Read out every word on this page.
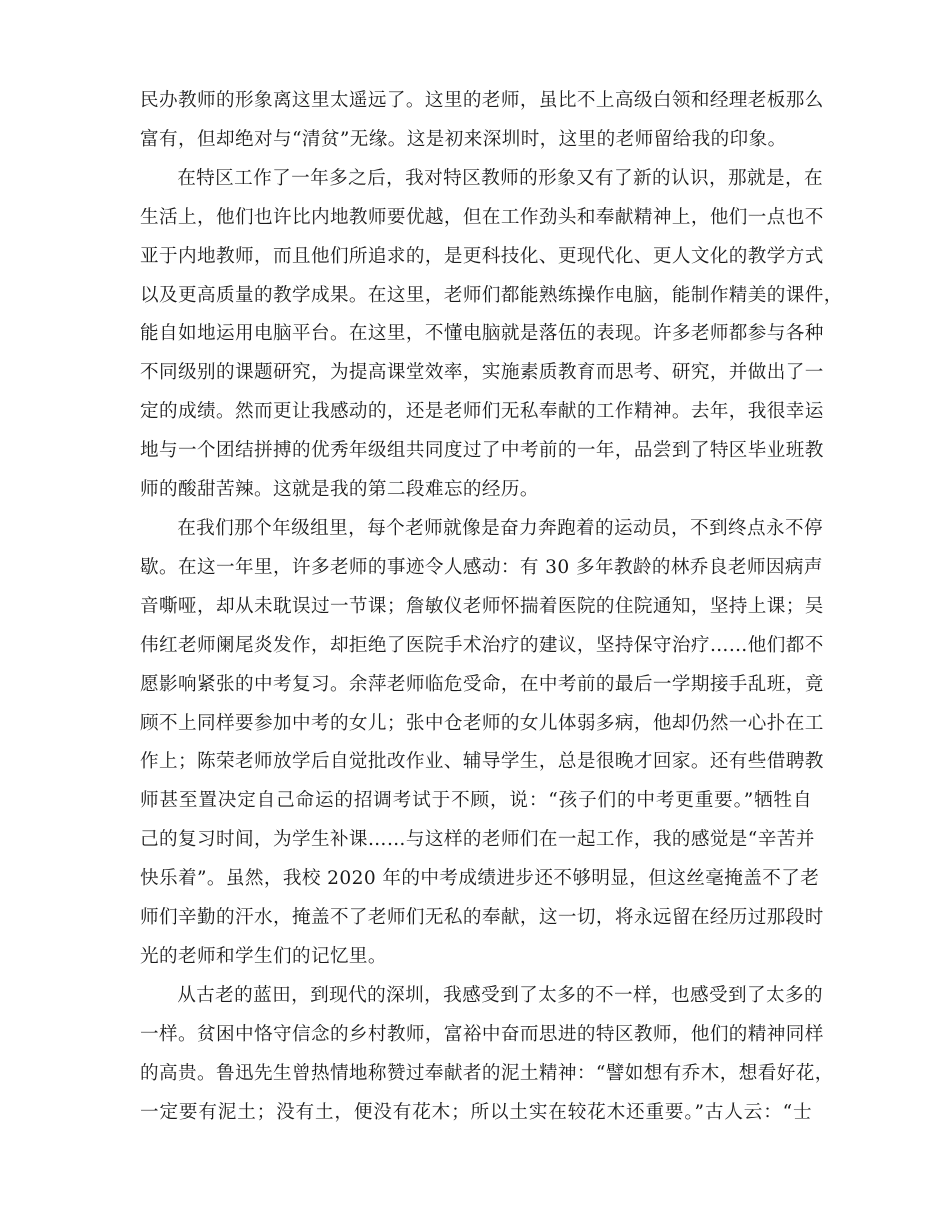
民办教师的形象离这里太遥远了。这里的老师，虽比不上高级白领和经理老板那么
富有，但却绝对与“清贫”无缘。这是初来深圳时，这里的老师留给我的印象。
在特区工作了一年多之后，我对特区教师的形象又有了新的认识，那就是，在
生活上，他们也许比内地教师要优越，但在工作劲头和奉献精神上，他们一点也不
亚于内地教师，而且他们所追求的，是更科技化、更现代化、更人文化的教学方式
以及更高质量的教学成果。在这里，老师们都能熟练操作电脑，能制作精美的课件，
能自如地运用电脑平台。在这里，不懂电脑就是落伍的表现。许多老师都参与各种
不同级别的课题研究，为提高课堂效率，实施素质教育而思考、研究，并做出了一
定的成绩。然而更让我感动的，还是老师们无私奉献的工作精神。去年，我很幸运
地与一个团结拼搏的优秀年级组共同度过了中考前的一年，品尝到了特区毕业班教
师的酸甜苦辣。这就是我的第二段难忘的经历。
在我们那个年级组里，每个老师就像是奋力奔跑着的运动员，不到终点永不停
歇。在这一年里，许多老师的事迹令人感动：有 30 多年教龄的林乔良老师因病声
音嘶哑，却从未耽误过一节课；詹敏仪老师怀揣着医院的住院通知，坚持上课；吴
伟红老师阑尾炎发作，却拒绝了医院手术治疗的建议，坚持保守治疗……他们都不
愿影响紧张的中考复习。余萍老师临危受命，在中考前的最后一学期接手乱班，竟
顾不上同样要参加中考的女儿；张中仓老师的女儿体弱多病，他却仍然一心扑在工
作上；陈荣老师放学后自觉批改作业、辅导学生，总是很晚才回家。还有些借聘教
师甚至置决定自己命运的招调考试于不顾，说：“孩子们的中考更重要。”牺牲自
己的复习时间，为学生补课……与这样的老师们在一起工作，我的感觉是“辛苦并
快乐着”。虽然，我校 2020 年的中考成绩进步还不够明显，但这丝毫掩盖不了老
师们辛勤的汗水，掩盖不了老师们无私的奉献，这一切，将永远留在经历过那段时
光的老师和学生们的记忆里。
从古老的蓝田，到现代的深圳，我感受到了太多的不一样，也感受到了太多的
一样。贫困中恪守信念的乡村教师，富裕中奋而思进的特区教师，他们的精神同样
的高贵。鲁迅先生曾热情地称赞过奉献者的泥土精神：“譬如想有乔木，想看好花，
一定要有泥土；没有土，便没有花木；所以土实在较花木还重要。”古人云：“士
